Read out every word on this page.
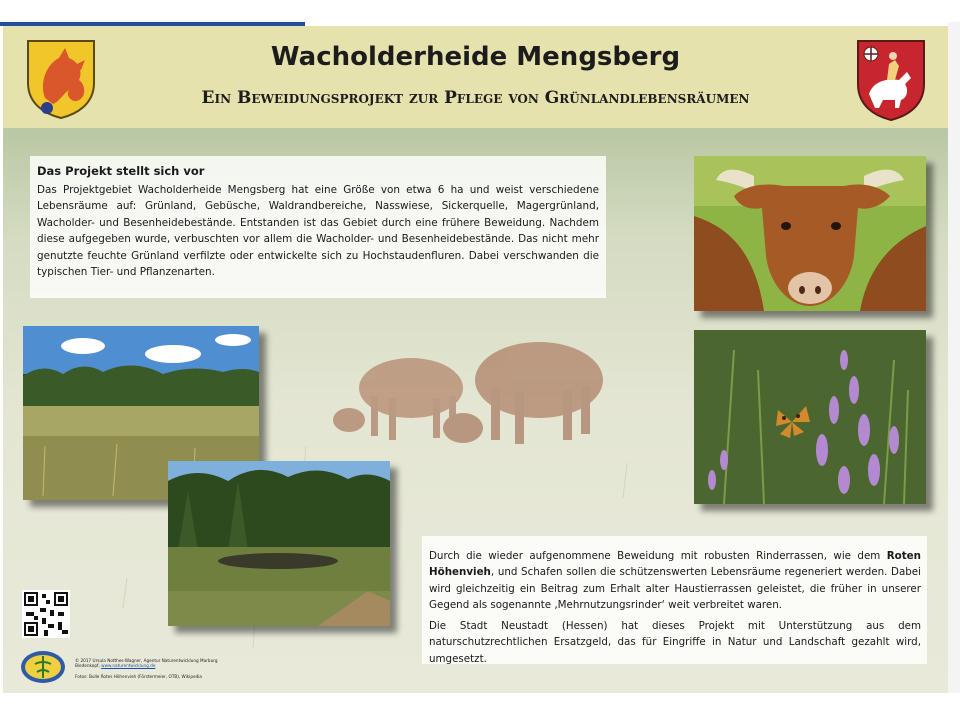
Wacholderheide Mengsberg
Ein Beweidungsprojekt zur Pflege von Grünlandlebensräumen
Das Projekt stellt sich vor

Das Projektgebiet Wacholderheide Mengsberg hat eine Größe von etwa 6 ha und weist verschiedene Lebensräume auf: Grünland, Gebüsche, Waldrandbereiche, Nasswiese, Sickerquelle, Magergrünland, Wacholder- und Besenheidebestände. Entstanden ist das Gebiet durch eine frühere Beweidung. Nachdem diese aufgegeben wurde, verbuschten vor allem die Wacholder- und Besenheidebestände. Das nicht mehr genutzte feuchte Grünland verfilzte oder entwickelte sich zu Hochstaudenfluren. Dabei verschwanden die typischen Tier- und Pflanzenarten.

Durch die wieder aufgenommene Beweidung mit robusten Rinderrassen, wie dem Roten Höhenvieh, und Schafen sollen die schützenswerten Lebensräume regeneriert werden. Dabei wird gleichzeitig ein Beitrag zum Erhalt alter Haustierrassen geleistet, die früher in unserer Gegend als sogenannte ‚Mehrnutzungsrinder‘ weit verbreitet waren.

Die Stadt Neustadt (Hessen) hat dieses Projekt mit Unterstützung aus dem naturschutzrechtlichen Ersatzgeld, das für Eingriffe in Natur und Landschaft gezahlt wird, umgesetzt.

© 2017 Ursula Notthes-Wagner, Agentur Naturentwicklung Marburg
Biedenkopf, www.naturentwicklung.de
Fotos: Bulle Rotes Höhenvieh (Förstermeier, OTB), Wikipedia
